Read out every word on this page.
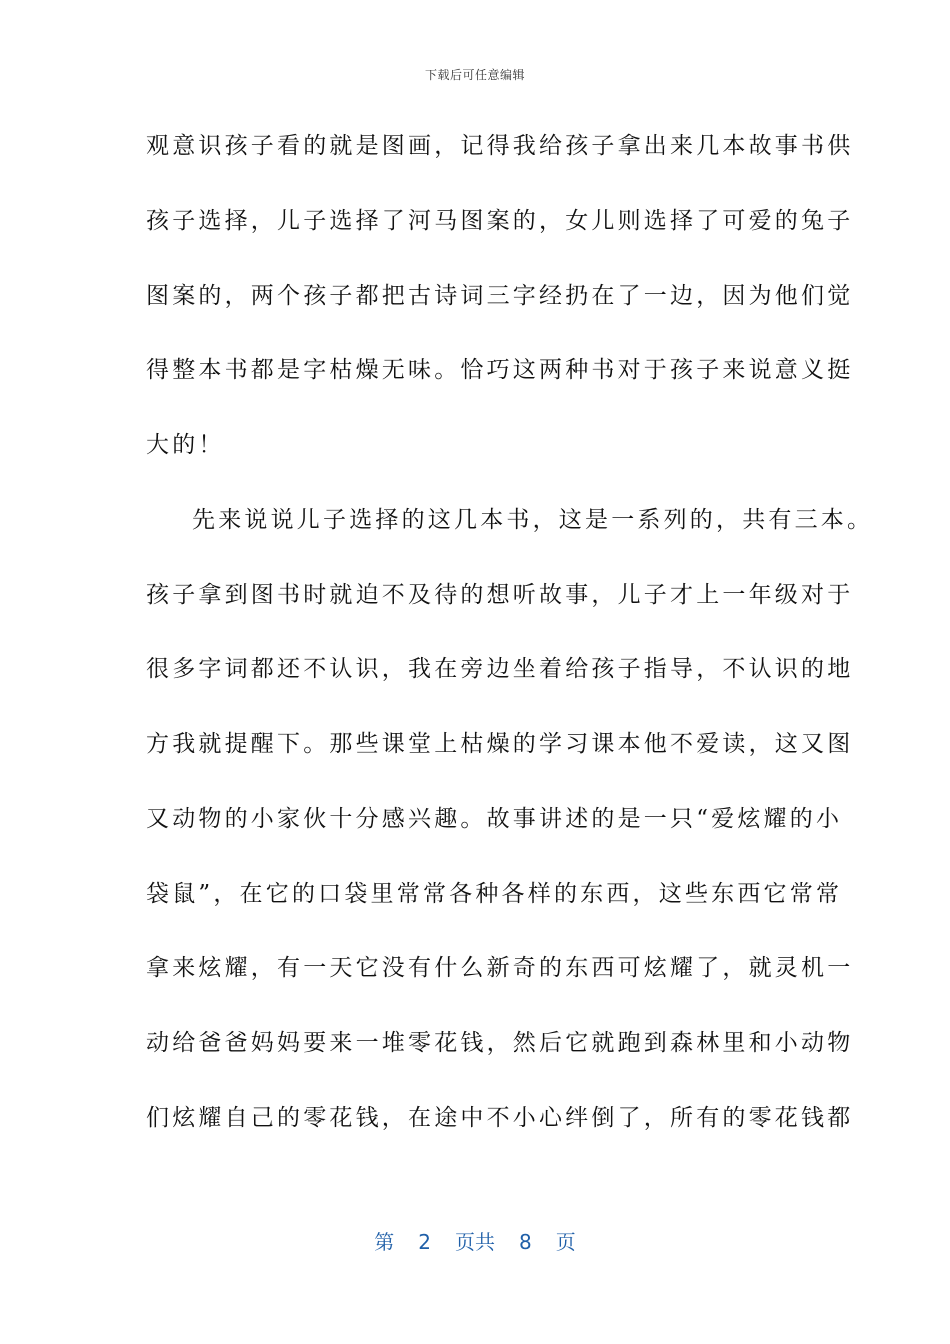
下载后可任意编辑
观意识孩子看的就是图画，记得我给孩子拿出来几本故事书供
孩子选择，儿子选择了河马图案的，女儿则选择了可爱的兔子
图案的，两个孩子都把古诗词三字经扔在了一边，因为他们觉
得整本书都是字枯燥无味。恰巧这两种书对于孩子来说意义挺
大的！
先来说说儿子选择的这几本书，这是一系列的，共有三本。
孩子拿到图书时就迫不及待的想听故事，儿子才上一年级对于
很多字词都还不认识，我在旁边坐着给孩子指导，不认识的地
方我就提醒下。那些课堂上枯燥的学习课本他不爱读，这又图
又动物的小家伙十分感兴趣。故事讲述的是一只“爱炫耀的小
袋鼠”，在它的口袋里常常各种各样的东西，这些东西它常常
拿来炫耀，有一天它没有什么新奇的东西可炫耀了，就灵机一
动给爸爸妈妈要来一堆零花钱，然后它就跑到森林里和小动物
们炫耀自己的零花钱，在途中不小心绊倒了，所有的零花钱都
第 2 页共 8 页
